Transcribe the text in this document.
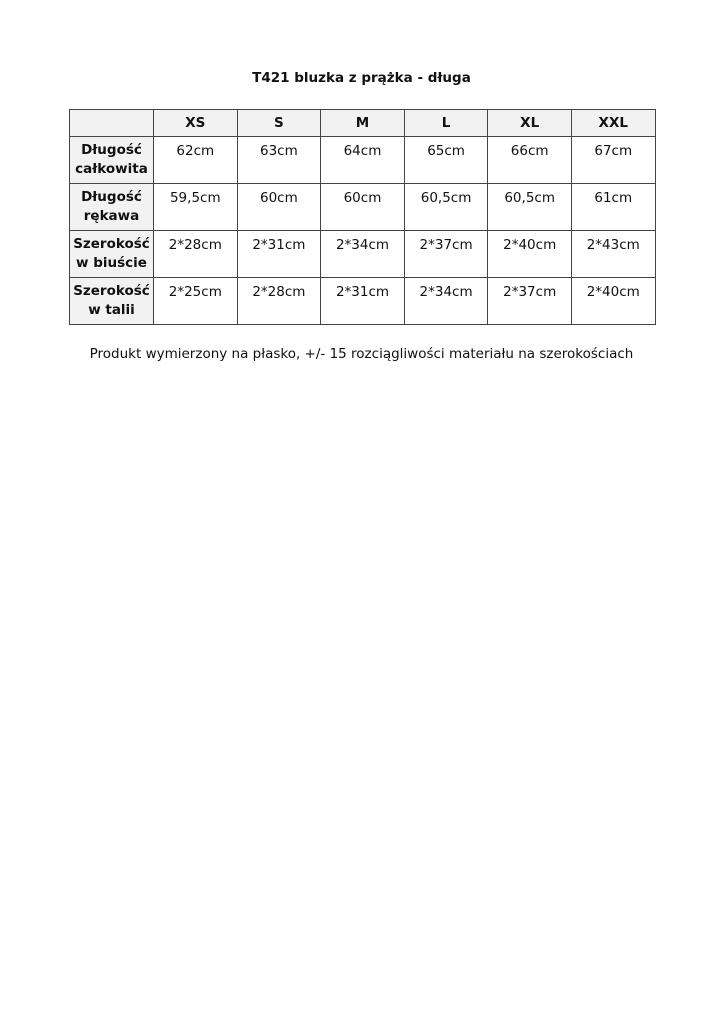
T421 bluzka z prążka - długa
	XS	S	M	L	XL	XXL

Długość
całkowita	62cm	63cm	64cm	65cm	66cm	67cm

Długość
rękawa	59,5cm	60cm	60cm	60,5cm	60,5cm	61cm

Szerokość
w biuście	2*28cm	2*31cm	2*34cm	2*37cm	2*40cm	2*43cm

Szerokość
w talii	2*25cm	2*28cm	2*31cm	2*34cm	2*37cm	2*40cm
Produkt wymierzony na płasko, +/- 15 rozciągliwości materiału na szerokościach
